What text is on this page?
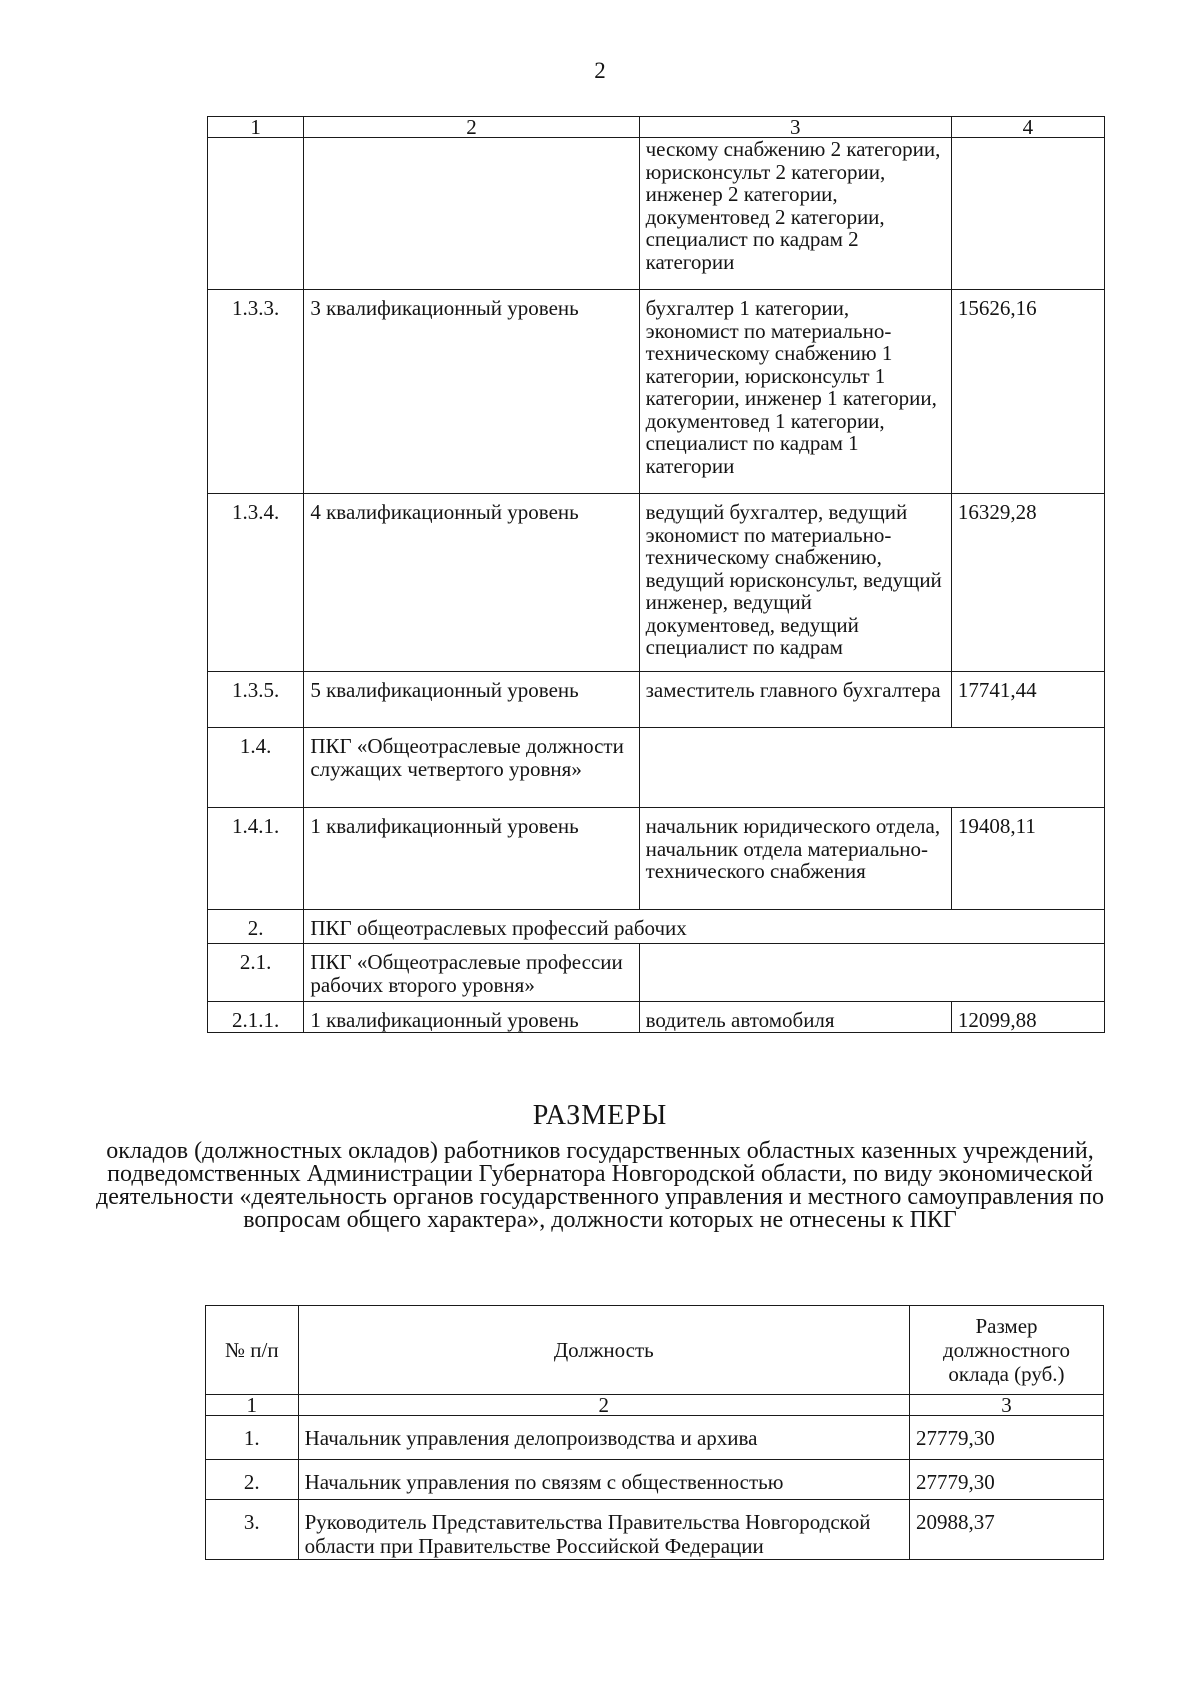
2
1	2	3	4
		ческому снабжению 2 категории, юрисконсульт 2 категории, инженер 2 категории, документовед 2 категории, специалист по кадрам 2 категории	
1.3.3.	3 квалификационный уровень	бухгалтер 1 категории, экономист по материально-техническому снабжению 1 категории, юрисконсульт 1 категории, инженер 1 категории, документовед 1 категории, специалист по кадрам 1 категории	15626,16
1.3.4.	4 квалификационный уровень	ведущий бухгалтер, ведущий экономист по материально-техническому снабжению, ведущий юрисконсульт, ведущий инженер, ведущий документовед, ведущий специалист по кадрам	16329,28
1.3.5.	5 квалификационный уровень	заместитель главного бухгалтера	17741,44
1.4.	ПКГ «Общеотраслевые должности служащих четвертого уровня»		
1.4.1.	1 квалификационный уровень	начальник юридического отдела, начальник отдела материально-технического снабжения	19408,11
2.	ПКГ общеотраслевых профессий рабочих		
2.1.	ПКГ «Общеотраслевые профессии рабочих второго уровня»		
2.1.1.	1 квалификационный уровень	водитель автомобиля	12099,88
РАЗМЕРЫ
окладов (должностных окладов) работников государственных областных казенных учреждений, подведомственных Администрации Губернатора Новгородской области, по виду экономической деятельности «деятельность органов государственного управления и местного самоуправления по вопросам общего характера», должности которых не отнесены к ПКГ
№ п/п	Должность	Размер должностного оклада (руб.)
1	2	3
1.	Начальник управления делопроизводства и архива	27779,30
2.	Начальник управления по связям с общественностью	27779,30
3.	Руководитель Представительства Правительства Новгородской области при Правительстве Российской Федерации	20988,37
